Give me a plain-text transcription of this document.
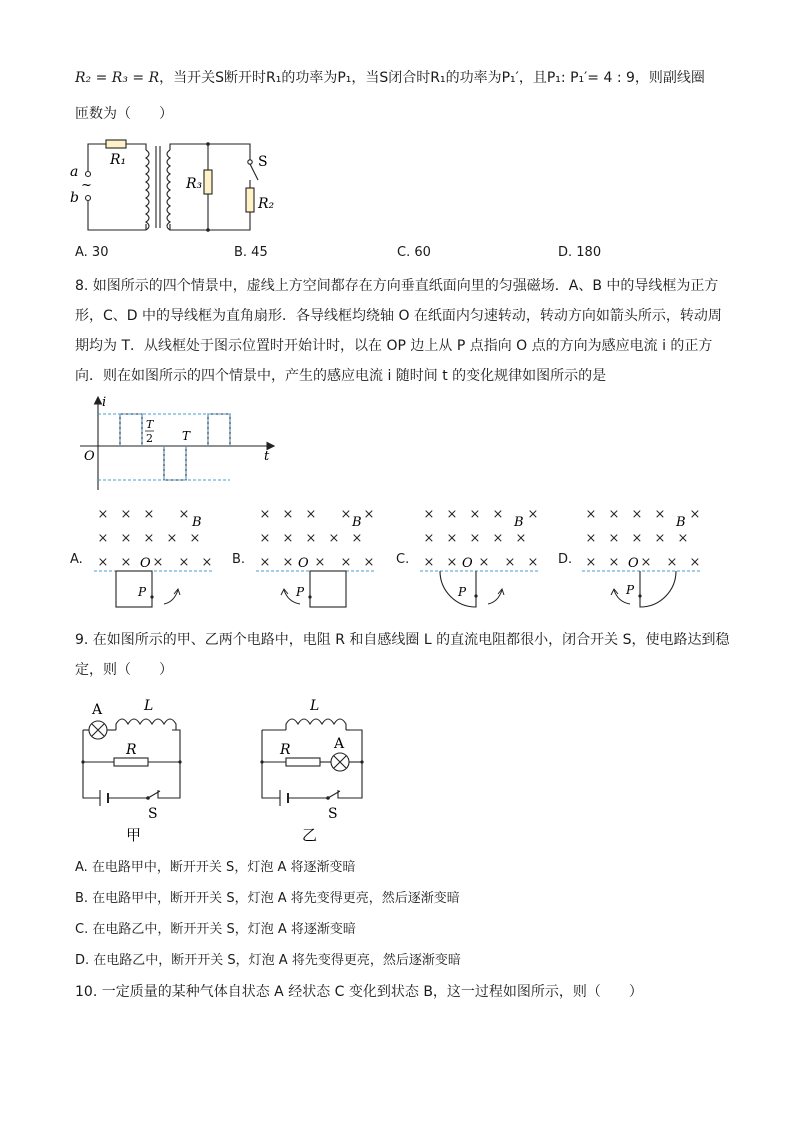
R₂ = R₃ = R，当开关S断开时R₁的功率为P₁，当S闭合时R₁的功率为P₁′，且P₁: P₁′= 4 : 9，则副线圈
匝数为（　　）
R₁
a
~
b
R₃
S
R₂
A. 30	B. 45	C. 60	D. 180
8. 如图所示的四个情景中，虚线上方空间都存在方向垂直纸面向里的匀强磁场．A、B 中的导线框为正方
形，C、D 中的导线框为直角扇形．各导线框均绕轴 O 在纸面内匀速转动，转动方向如箭头所示，转动周
期均为 T．从线框处于图示位置时开始计时，以在 OP 边上从 P 点指向 O 点的方向为感应电流 i 的正方
向．则在如图所示的四个情景中，产生的感应电流 i 随时间 t 的变化规律如图所示的是
i
t
O
T
2 T
A.
× × × ×
× × × × ×
× × × × ×
B
O
P
B.
× × × × ×
× × × × ×
× × × × ×
B
O
P
C.
× × × × ×
× × × × ×
× × × × ×
B
O
P
D.
× × × × ×
× × × × ×
× × × × ×
B
O
P
9. 在如图所示的甲、乙两个电路中，电阻 R 和自感线圈 L 的直流电阻都很小，闭合开关 S，使电路达到稳
定，则（　　）
A	L
R
S
甲
A
L
R
S
乙
A. 在电路甲中，断开开关 S，灯泡 A 将逐渐变暗
B. 在电路甲中，断开开关 S，灯泡 A 将先变得更亮，然后逐渐变暗
C. 在电路乙中，断开开关 S，灯泡 A 将逐渐变暗
D. 在电路乙中，断开开关 S，灯泡 A 将先变得更亮，然后逐渐变暗
10. 一定质量的某种气体自状态 A 经状态 C 变化到状态 B，这一过程如图所示，则（　　）
